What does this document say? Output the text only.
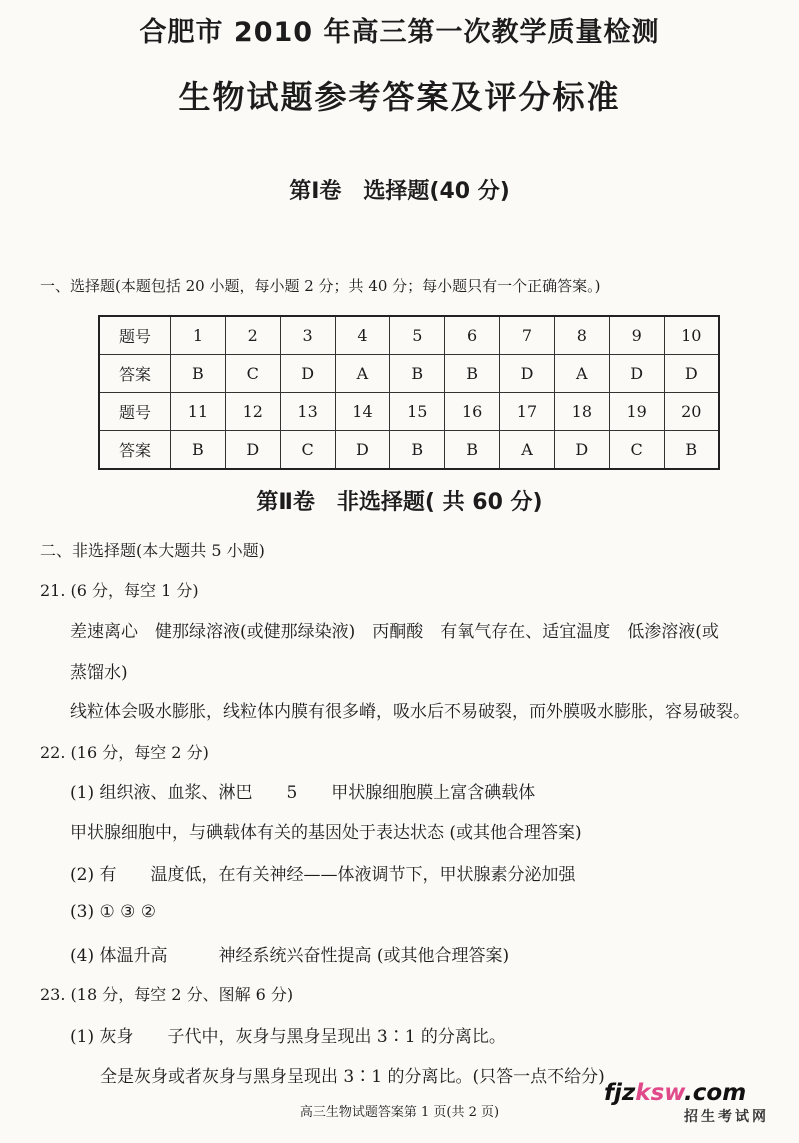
合肥市 2010 年高三第一次教学质量检测
生物试题参考答案及评分标准
第Ⅰ卷　选择题(40 分)
一、选择题(本题包括 20 小题，每小题 2 分；共 40 分；每小题只有一个正确答案。)
题号	1	2	3	4	5	6	7	8	9	10
答案	B	C	D	A	B	B	D	A	D	D
题号	11	12	13	14	15	16	17	18	19	20
答案	B	D	C	D	B	B	A	D	C	B
第Ⅱ卷　非选择题( 共 60 分)
二、非选择题(本大题共 5 小题)
21. (6 分，每空 1 分)
差速离心　健那绿溶液(或健那绿染液)　丙酮酸　有氧气存在、适宜温度　低渗溶液(或
蒸馏水)
线粒体会吸水膨胀，线粒体内膜有很多嵴，吸水后不易破裂，而外膜吸水膨胀，容易破裂。
22. (16 分，每空 2 分)
(1) 组织液、血浆、淋巴　　5　　甲状腺细胞膜上富含碘载体
甲状腺细胞中，与碘载体有关的基因处于表达状态 (或其他合理答案)
(2) 有　　温度低，在有关神经——体液调节下，甲状腺素分泌加强
(3) ① ③ ②
(4) 体温升高　　　神经系统兴奋性提高 (或其他合理答案)
23. (18 分，每空 2 分、图解 6 分)
(1) 灰身　　子代中，灰身与黑身呈现出 3∶1 的分离比。
全是灰身或者灰身与黑身呈现出 3∶1 的分离比。(只答一点不给分)
高三生物试题答案第 1 页(共 2 页)
fjzksw.com
招生考试网
